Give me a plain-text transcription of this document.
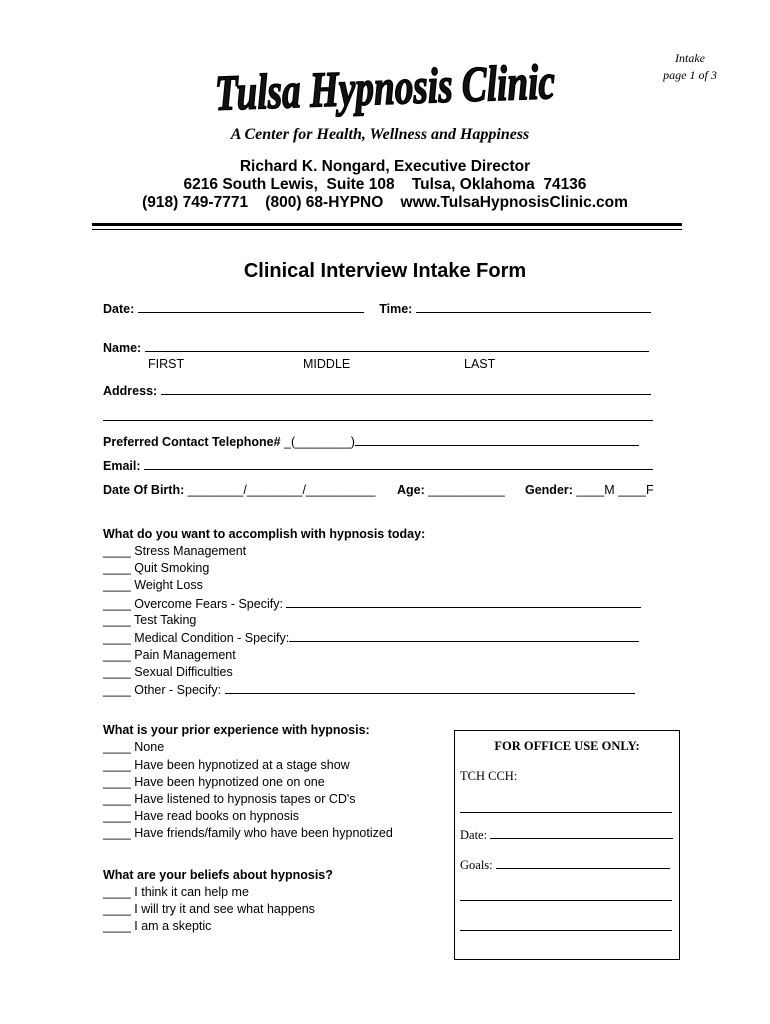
Intake
page 1 of 3
Tulsa Hypnosis Clinic
A Center for Health, Wellness and Happiness
Richard K. Nongard, Executive Director
6216 South Lewis,  Suite 108    Tulsa, Oklahoma  74136
(918) 749-7771    (800) 68-HYPNO    www.TulsaHypnosisClinic.com
Clinical Interview Intake Form
Date:	Time:
Name:
FIRST	MIDDLE	LAST
Address:
Preferred Contact Telephone# _(________)
Email:
Date Of Birth: ________/________/__________ Age: ___________ Gender: ____M ____F
What do you want to accomplish with hypnosis today:
____ Stress Management
____ Quit Smoking
____ Weight Loss
____ Overcome Fears - Specify:
____ Test Taking
____ Medical Condition - Specify:
____ Pain Management
____ Sexual Difficulties
____ Other - Specify:
What is your prior experience with hypnosis:
____ None
____ Have been hypnotized at a stage show
____ Have been hypnotized one on one
____ Have listened to hypnosis tapes or CD's
____ Have read books on hypnosis
____ Have friends/family who have been hypnotized
What are your beliefs about hypnosis?
____ I think it can help me
____ I will try it and see what happens
____ I am a skeptic
FOR OFFICE USE ONLY:
TCH CCH:
Date:
Goals:
